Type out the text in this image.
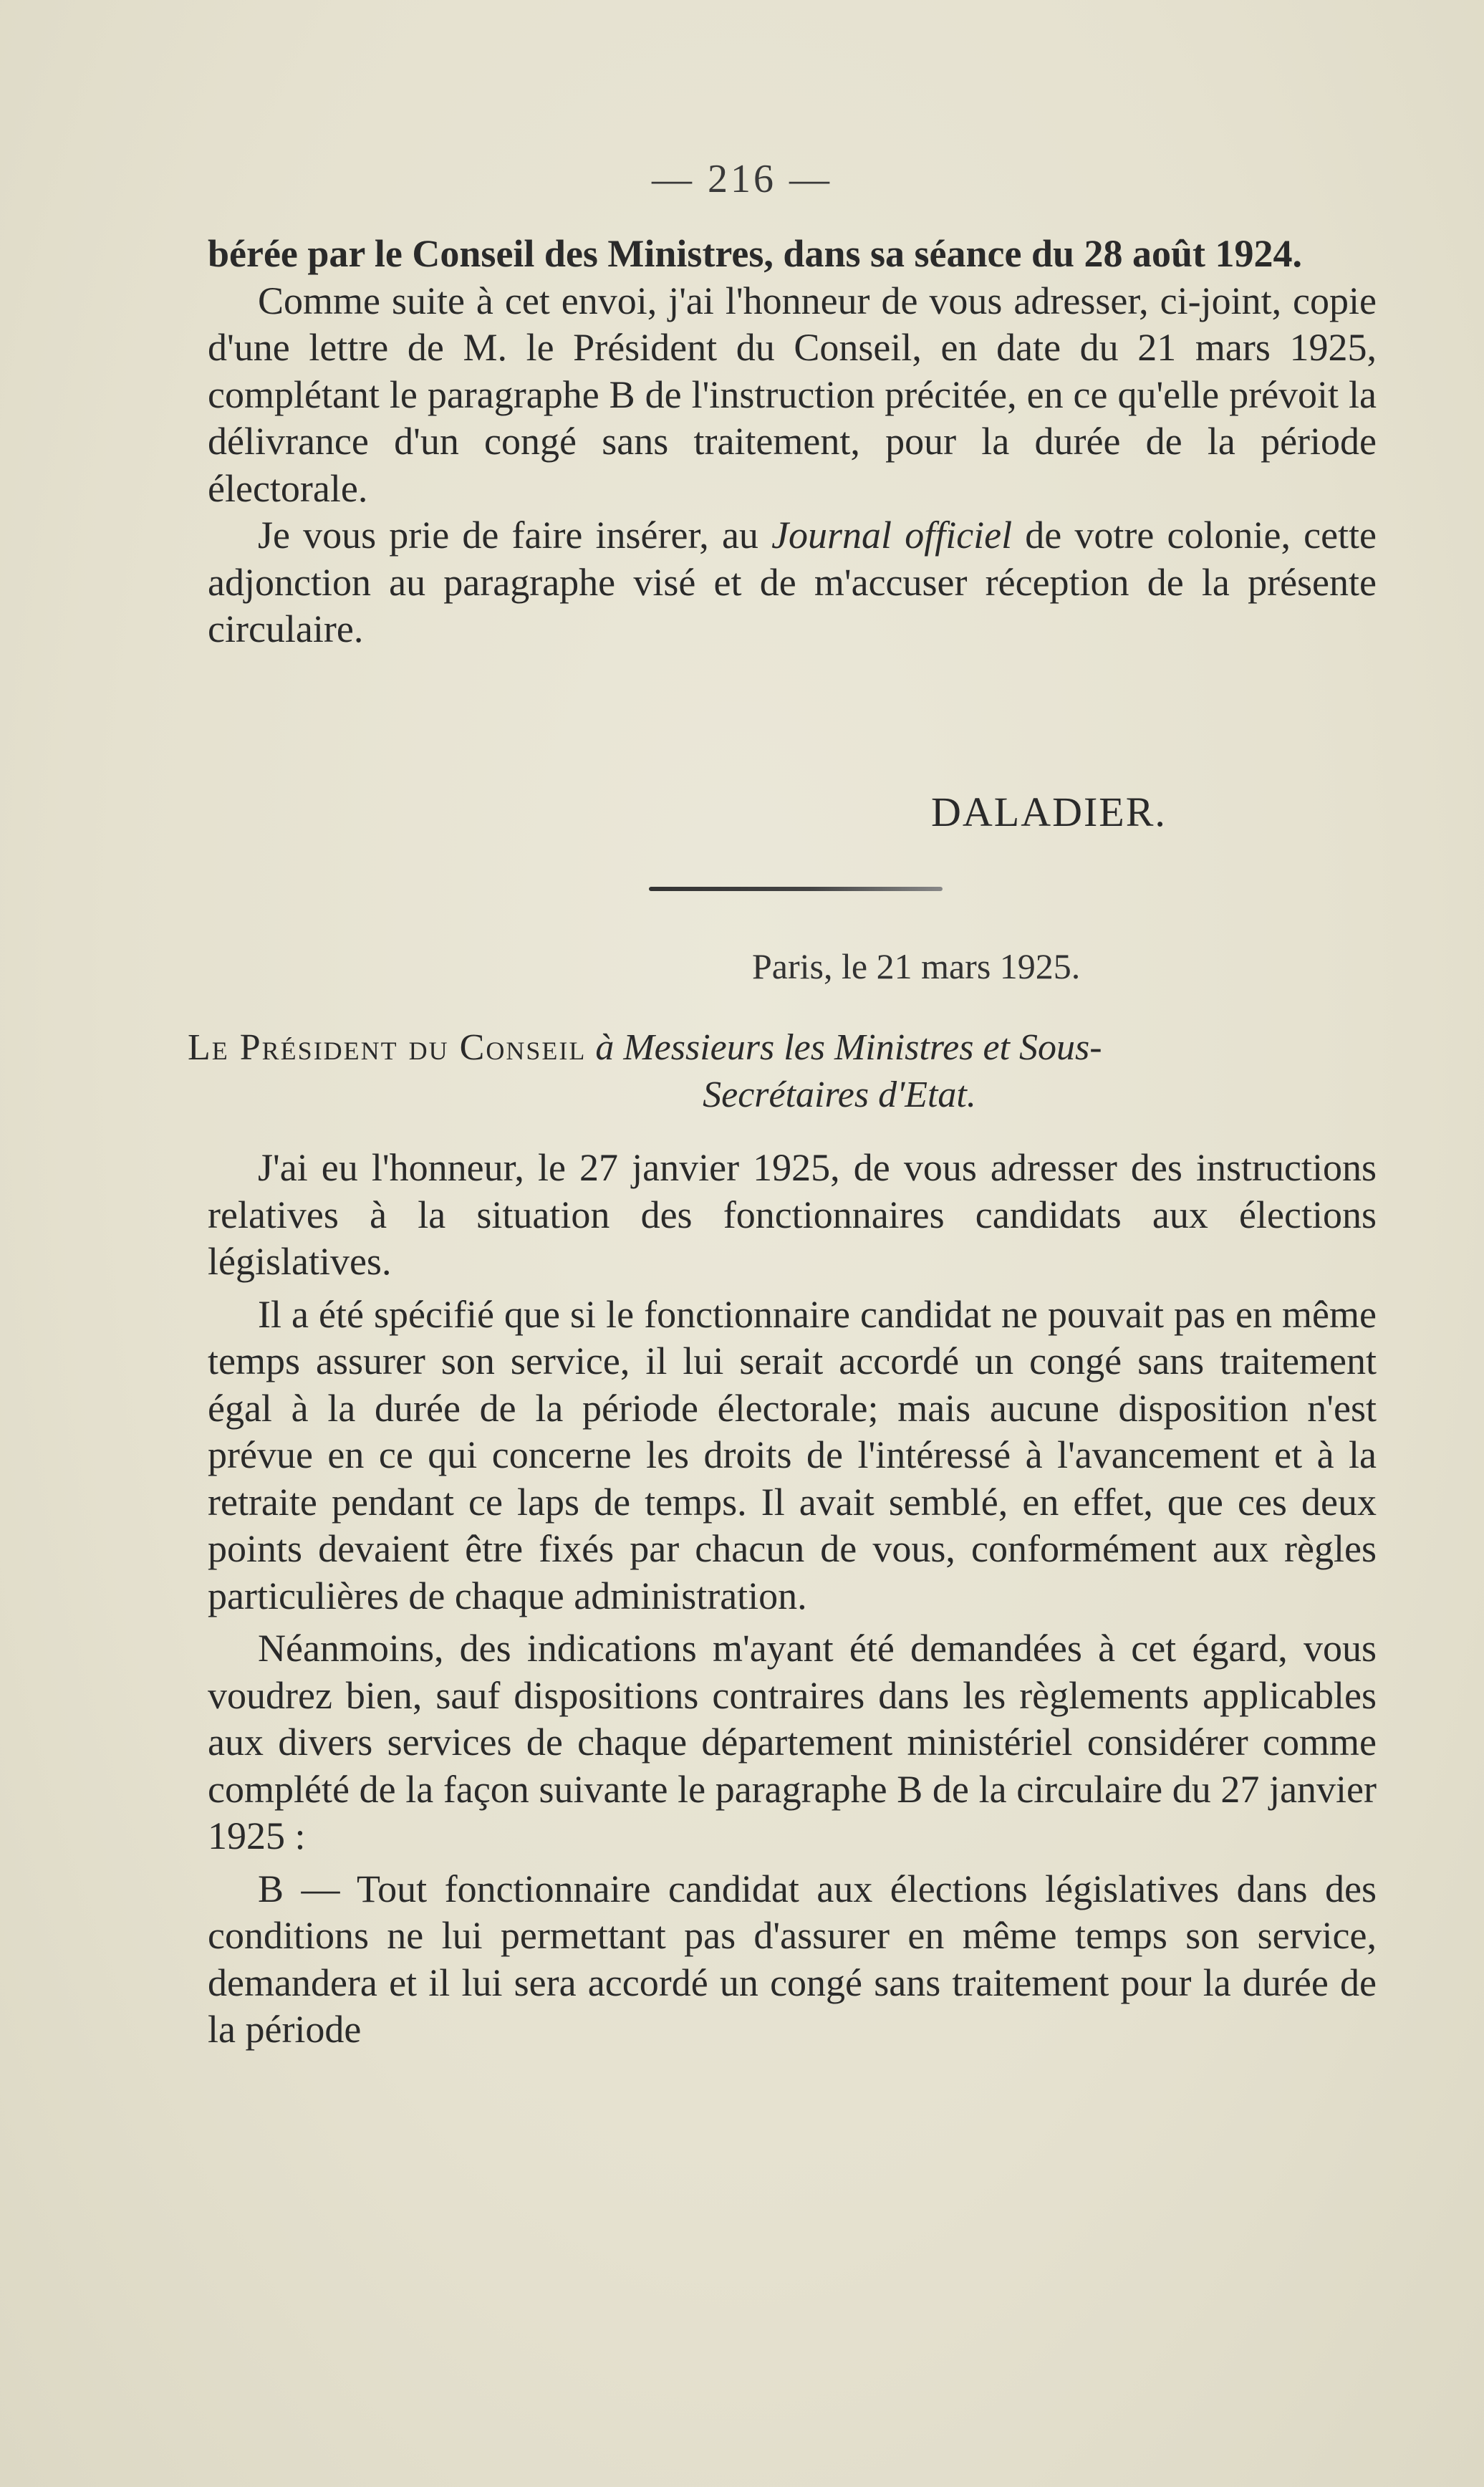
— 216 —

bérée par le Conseil des Ministres, dans sa séance du 28 août 1924.

Comme suite à cet envoi, j'ai l'honneur de vous adresser, ci-joint, copie d'une lettre de M. le Président du Conseil, en date du 21 mars 1925, complétant le paragraphe B de l'instruction précitée, en ce qu'elle prévoit la délivrance d'un congé sans traitement, pour la durée de la période électorale.

Je vous prie de faire insérer, au Journal officiel de votre colonie, cette adjonction au paragraphe visé et de m'accuser réception de la présente circulaire.

DALADIER.
Paris, le 21 mars 1925.
Le Président du Conseil à Messieurs les Ministres et Sous-
Secrétaires d'Etat.

J'ai eu l'honneur, le 27 janvier 1925, de vous adresser des instructions relatives à la situation des fonctionnaires candidats aux élections législatives.

Il a été spécifié que si le fonctionnaire candidat ne pouvait pas en même temps assurer son service, il lui serait accordé un congé sans traitement égal à la durée de la période électorale; mais aucune disposition n'est prévue en ce qui concerne les droits de l'intéressé à l'avancement et à la retraite pendant ce laps de temps. Il avait semblé, en effet, que ces deux points devaient être fixés par chacun de vous, conformément aux règles particulières de chaque administration.

Néanmoins, des indications m'ayant été demandées à cet égard, vous voudrez bien, sauf dispositions contraires dans les règlements applicables aux divers services de chaque département ministériel considérer comme complété de la façon suivante le paragraphe B de la circulaire du 27 janvier 1925 :

B — Tout fonctionnaire candidat aux élections législatives dans des conditions ne lui permettant pas d'assurer en même temps son service, demandera et il lui sera accordé un congé sans traitement pour la durée de la période
